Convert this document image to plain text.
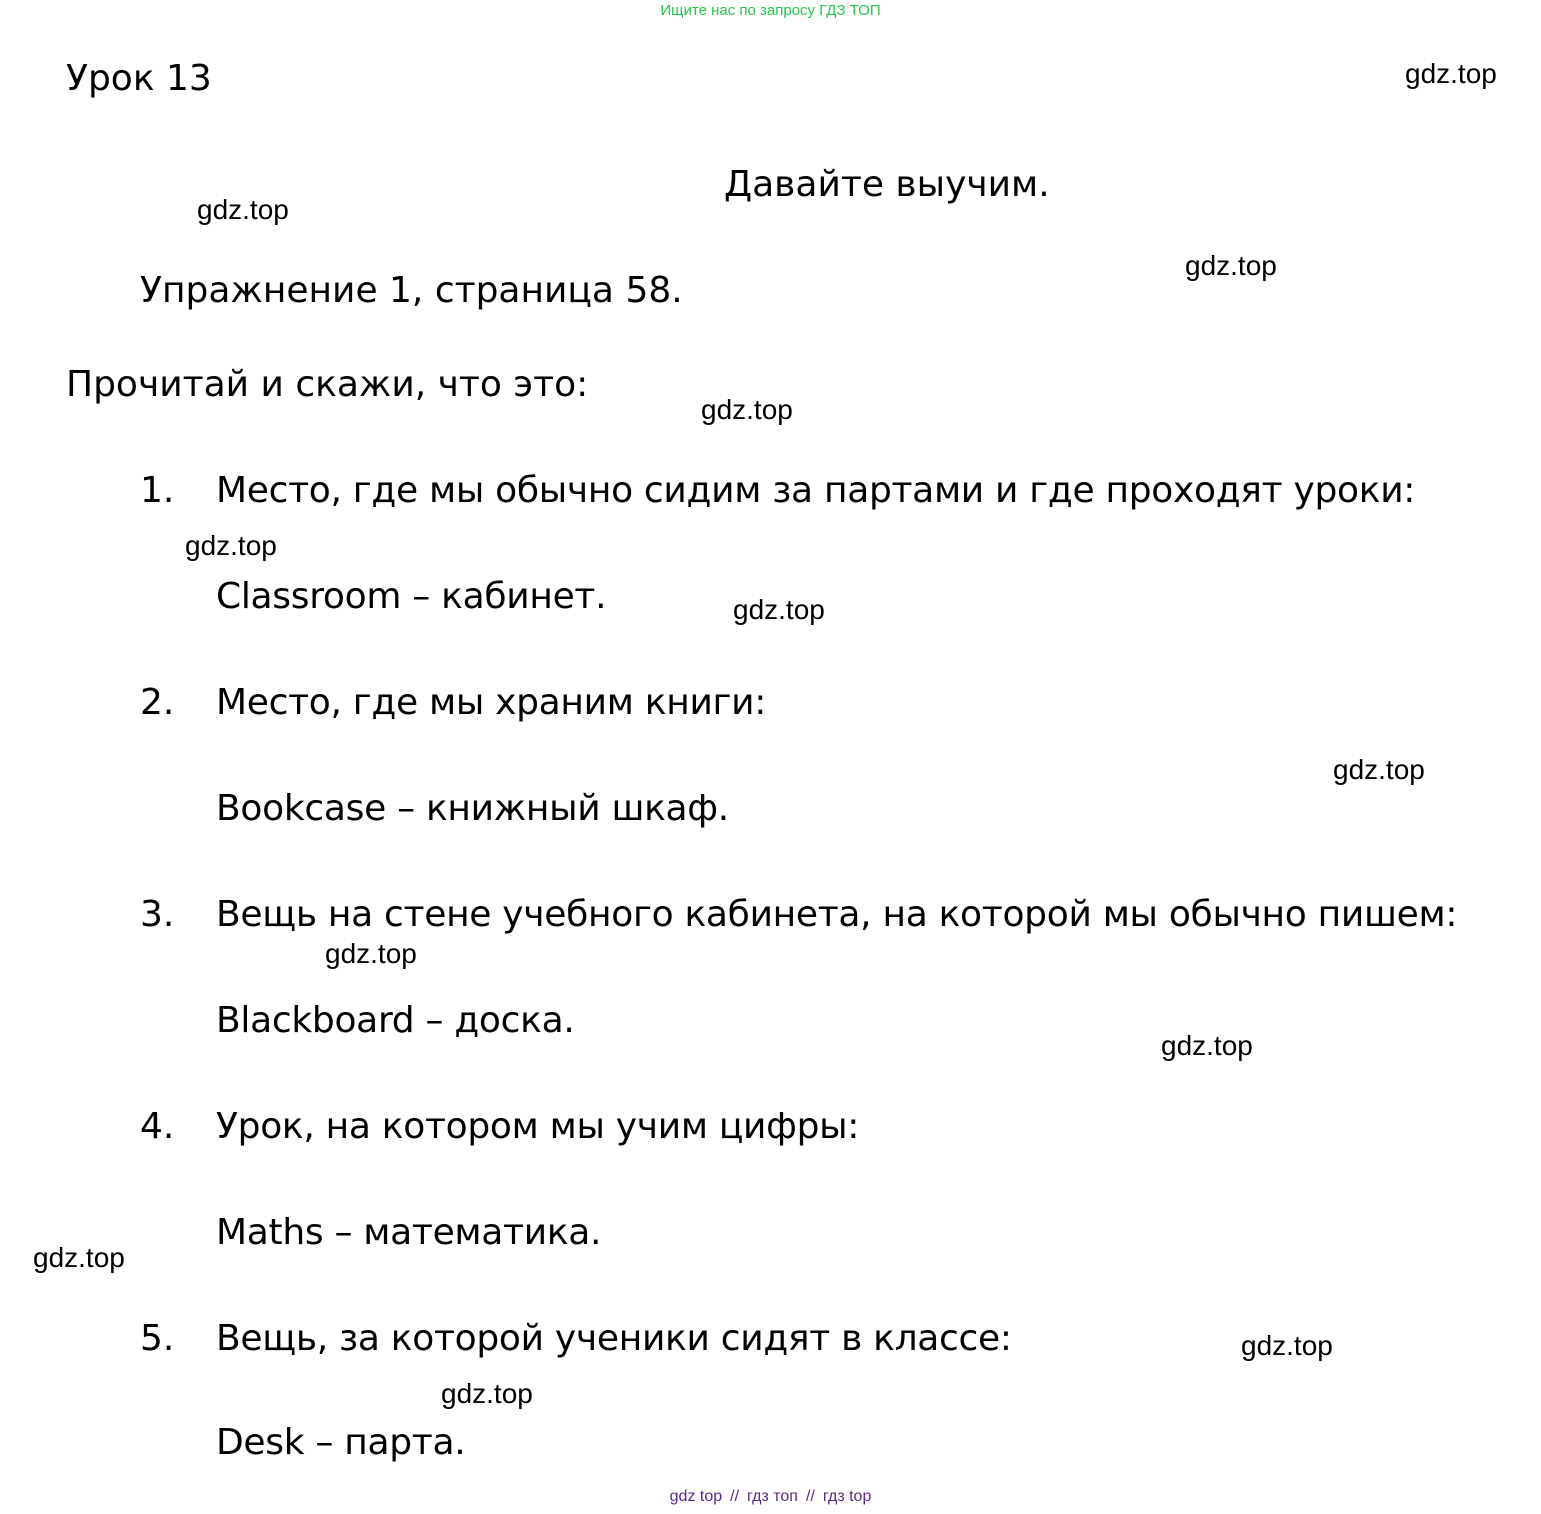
Ищите нас по запросу ГДЗ ТОП
Урок 13
Давайте выучим.
Упражнение 1, страница 58.
Прочитай и скажи, что это:
1. Место, где мы обычно сидим за партами и где проходят уроки:
Classroom – кабинет.
2. Место, где мы храним книги:
Bookcase – книжный шкаф.
3. Вещь на стене учебного кабинета, на которой мы обычно пишем:
Blackboard – доска.
4. Урок, на котором мы учим цифры:
Maths – математика.
5. Вещь, за которой ученики сидят в классе:
Desk – парта.
gdz.top
gdz.top
gdz.top
gdz.top
gdz.top
gdz.top
gdz.top
gdz.top
gdz.top
gdz.top
gdz.top
gdz.top
gdz top // гдз топ // гдз top
